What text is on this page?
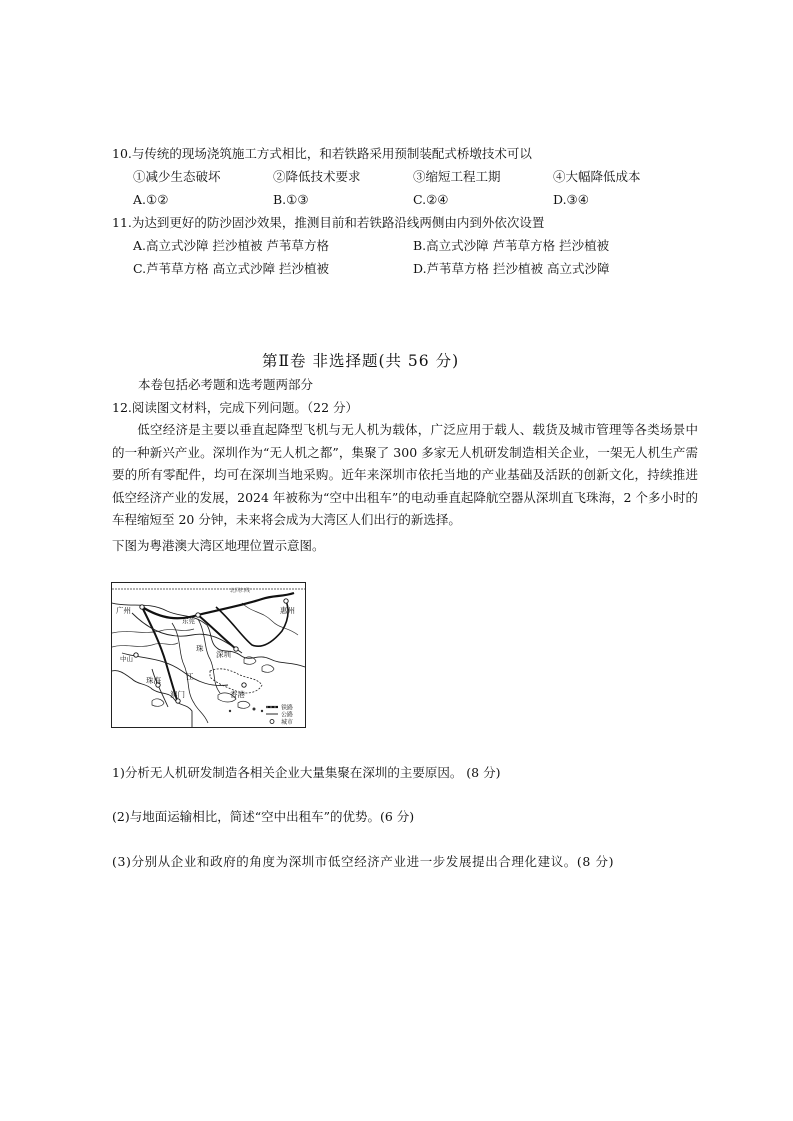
10.与传统的现场浇筑施工方式相比，和若铁路采用预制装配式桥墩技术可以
①减少生态破坏	②降低技术要求	③缩短工程工期	④大幅降低成本
A.①②	B.①③	C.②④	D.③④
11.为达到更好的防沙固沙效果，推测目前和若铁路沿线两侧由内到外依次设置
A.高立式沙障 拦沙植被 芦苇草方格	B.高立式沙障 芦苇草方格 拦沙植被
C.芦苇草方格 高立式沙障 拦沙植被	D.芦苇草方格 拦沙植被 高立式沙障
第Ⅱ卷 非选择题(共 56 分)
本卷包括必考题和选考题两部分
12.阅读图文材料，完成下列问题。（22 分）
低空经济是主要以垂直起降型飞机与无人机为载体，广泛应用于载人、载货及城市管理等各类场景中的一种新兴产业。深圳作为“无人机之都”，集聚了 300 多家无人机研发制造相关企业，一架无人机生产需要的所有零配件，均可在深圳当地采购。近年来深圳市依托当地的产业基础及活跃的创新文化，持续推进低空经济产业的发展，2024 年被称为“空中出租车”的电动垂直起降航空器从深圳直飞珠海，2 个多小时的车程缩短至 20 分钟，未来将会成为大湾区人们出行的新选择。
下图为粤港澳大湾区地理位置示意图。
北回归线
广州
东莞
惠州
珠
深圳
中山
江
珠海
澳门	香港
铁路
公路
城市
1)分析无人机研发制造各相关企业大量集聚在深圳的主要原因。 (8 分)
(2)与地面运输相比，简述“空中出租车”的优势。(6 分)
(3)分别从企业和政府的角度为深圳市低空经济产业进一步发展提出合理化建议。(8 分)
